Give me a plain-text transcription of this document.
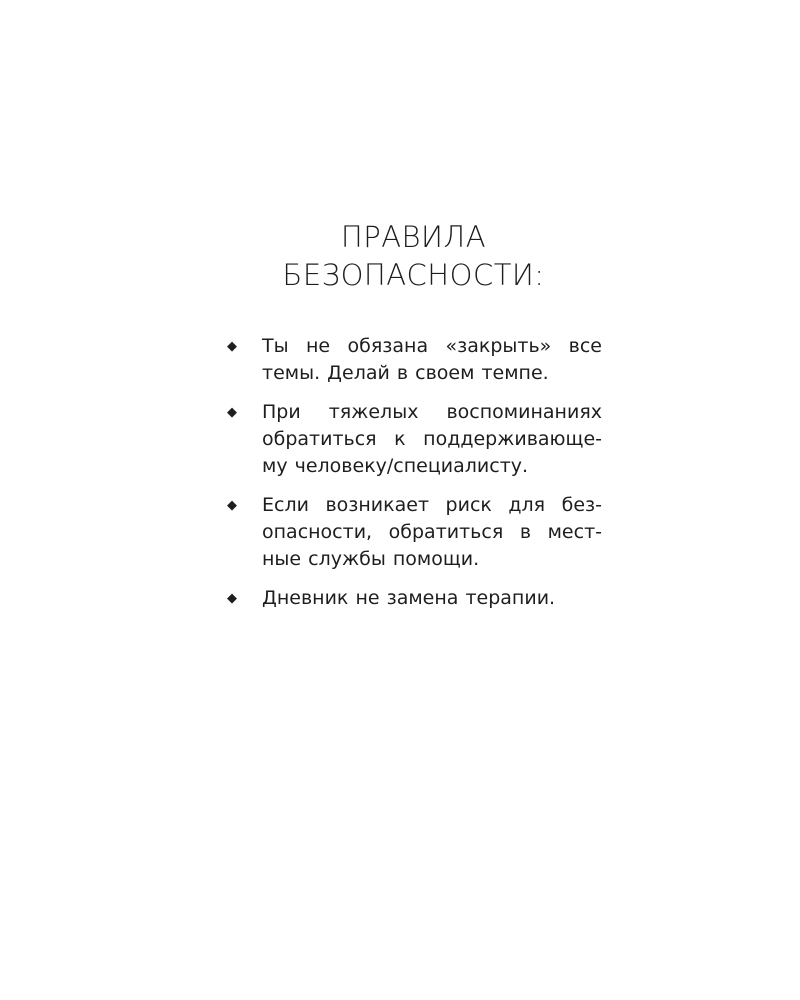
ПРАВИЛА
БЕЗОПАСНОСТИ:
◆	Ты не обязана «закрыть» все
темы. Делай в своем темпе.
◆	При тяжелых воспоминаниях
обратиться к поддерживающе-
му человеку/специалисту.
◆	Если возникает риск для без-
опасности, обратиться в мест-
ные службы помощи.
◆	Дневник не замена терапии.
